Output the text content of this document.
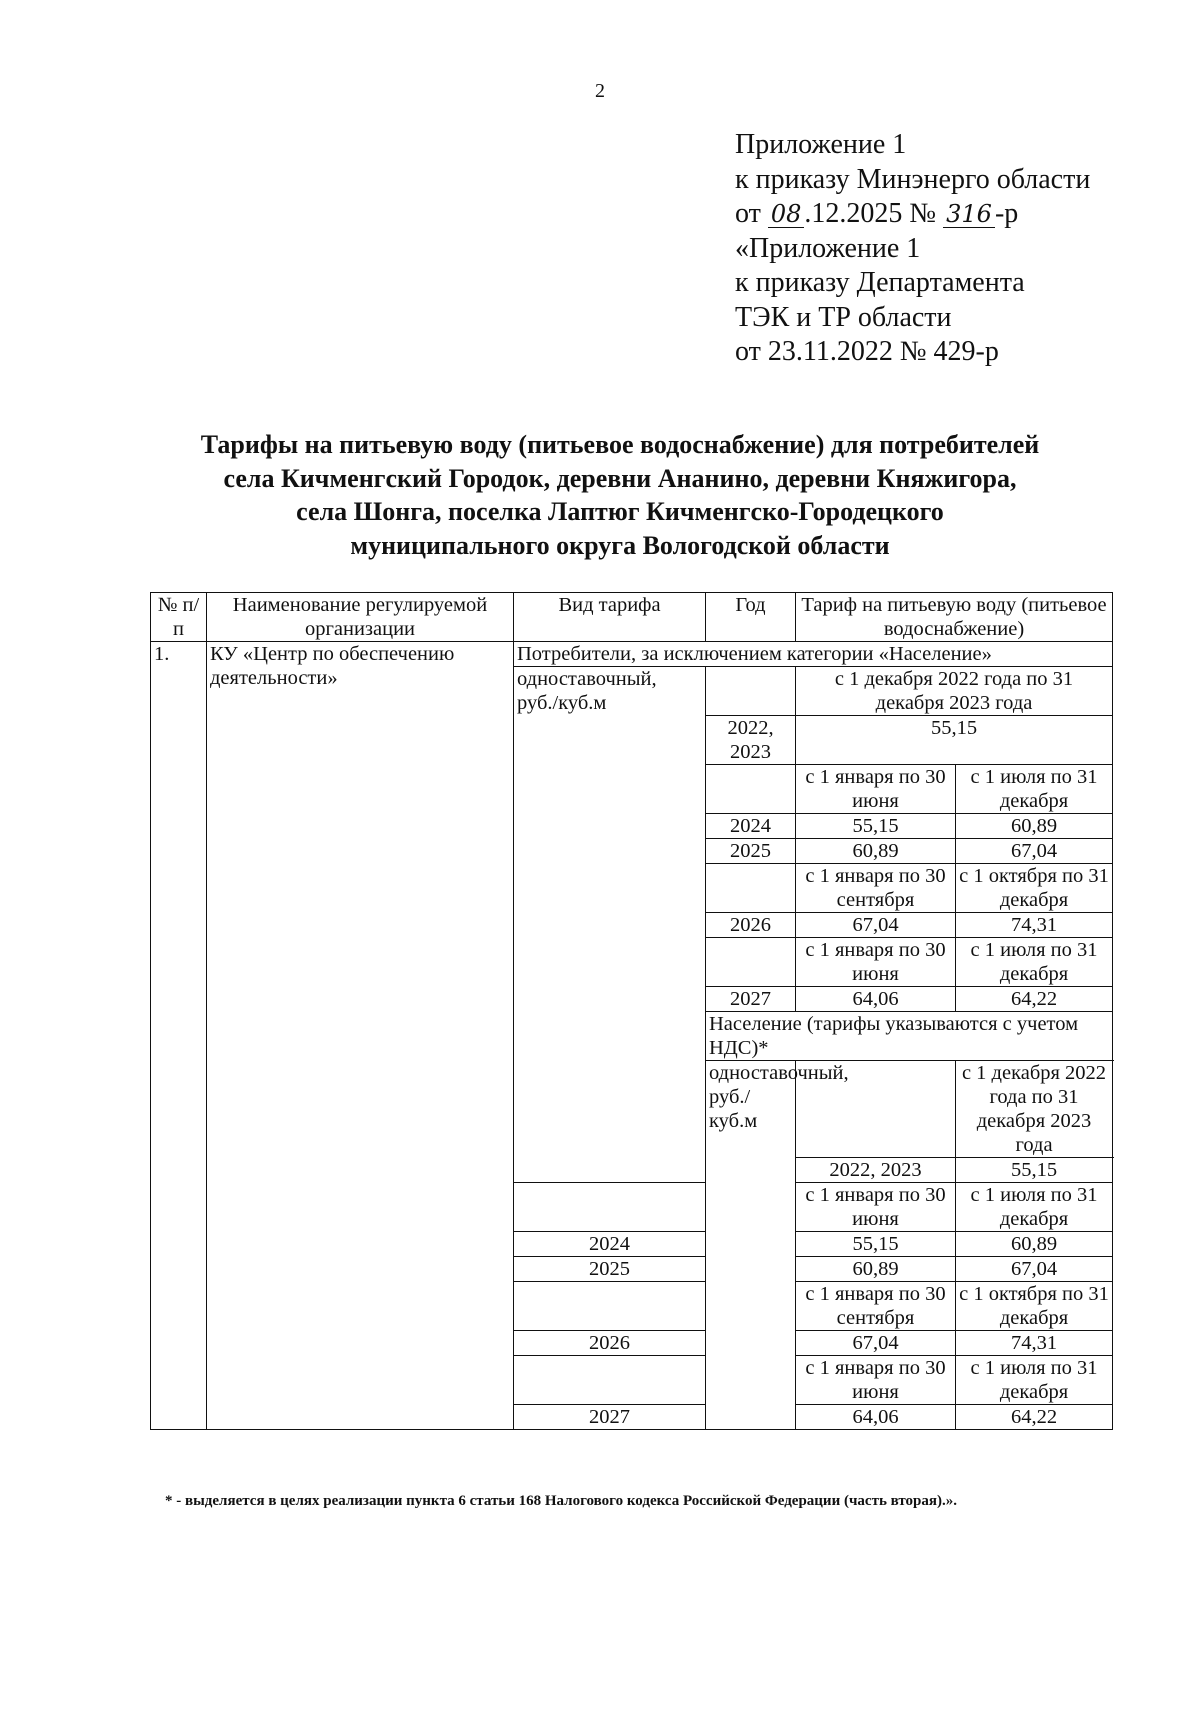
2
Приложение 1
к приказу Минэнерго области
от 08 .12.2025 № 316 -р
«Приложение 1
к приказу Департамента
ТЭК и ТР области
от 23.11.2022 № 429-р
Тарифы на питьевую воду (питьевое водоснабжение) для потребителей
села Кичменгский Городок, деревни Ананино, деревни Княжигора,
села Шонга, поселка Лаптюг Кичменгско-Городецкого
муниципального округа Вологодской области
№ п/п	Наименование регулируемой организации	Вид тарифа	Год	Тариф на питьевую воду (питьевое водоснабжение)	
1.	КУ «Центр по обеспечению деятельности»	Потребители, за исключением категории «Население»			
		одноставочный, руб./куб.м		с 1 декабря 2022 года по 31 декабря 2023 года	
			2022, 2023	55,15	
				с 1 января по 30 июня	с 1 июля по 31 декабря
			2024	55,15	60,89
			2025	60,89	67,04
				с 1 января по 30 сентября	с 1 октября по 31 декабря
			2026	67,04	74,31
				с 1 января по 30 июня	с 1 июля по 31 декабря
			2027	64,06	64,22
			Население (тарифы указываются с учетом НДС)*		
			одноставочный, руб./куб.м		с 1 декабря 2022 года по 31 декабря 2023 года
				2022, 2023	55,15
				с 1 января по 30 июня	с 1 июля по 31 декабря
		2024		55,15	60,89
		2025		60,89	67,04
				с 1 января по 30 сентября	с 1 октября по 31 декабря
		2026		67,04	74,31
				с 1 января по 30 июня	с 1 июля по 31 декабря
		2027		64,06	64,22
* - выделяется в целях реализации пункта 6 статьи 168 Налогового кодекса Российской Федерации (часть вторая).».
